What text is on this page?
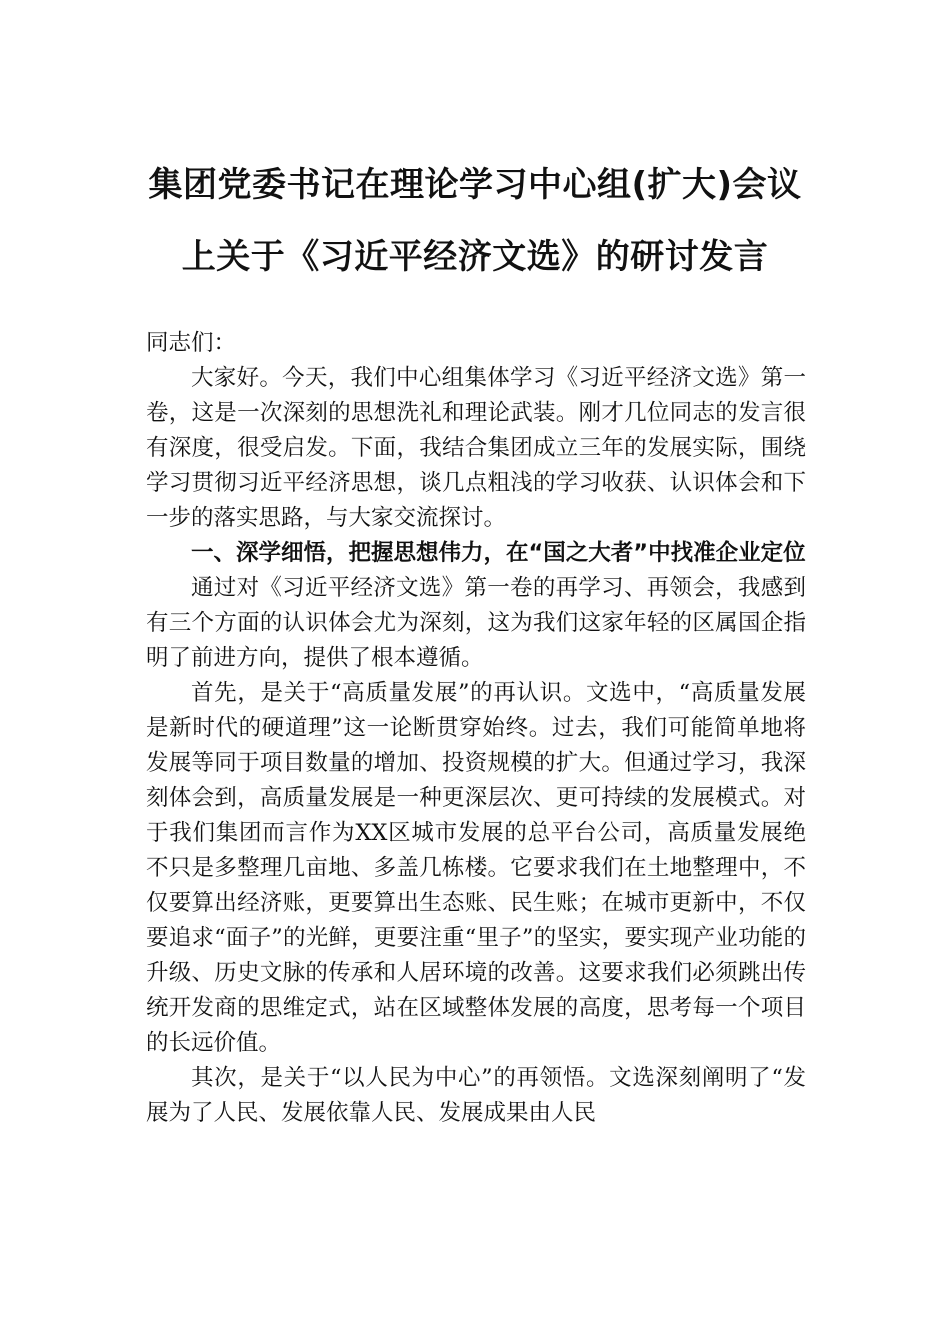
集团党委书记在理论学习中心组(扩大)会议
上关于《习近平经济文选》的研讨发言

同志们：

大家好。今天，我们中心组集体学习《习近平经济文选》第一卷，这是一次深刻的思想洗礼和理论武装。刚才几位同志的发言很有深度，很受启发。下面，我结合集团成立三年的发展实际，围绕学习贯彻习近平经济思想，谈几点粗浅的学习收获、认识体会和下一步的落实思路，与大家交流探讨。

一、深学细悟，把握思想伟力，在“国之大者”中找准企业定位

通过对《习近平经济文选》第一卷的再学习、再领会，我感到有三个方面的认识体会尤为深刻，这为我们这家年轻的区属国企指明了前进方向，提供了根本遵循。

首先，是关于“高质量发展”的再认识。文选中，“高质量发展是新时代的硬道理”这一论断贯穿始终。过去，我们可能简单地将发展等同于项目数量的增加、投资规模的扩大。但通过学习，我深刻体会到，高质量发展是一种更深层次、更可持续的发展模式。对于我们集团而言作为XX区城市发展的总平台公司，高质量发展绝不只是多整理几亩地、多盖几栋楼。它要求我们在土地整理中，不仅要算出经济账，更要算出生态账、民生账；在城市更新中，不仅要追求“面子”的光鲜，更要注重“里子”的坚实，要实现产业功能的升级、历史文脉的传承和人居环境的改善。这要求我们必须跳出传统开发商的思维定式，站在区域整体发展的高度，思考每一个项目的长远价值。

其次，是关于“以人民为中心”的再领悟。文选深刻阐明了“发展为了人民、发展依靠人民、发展成果由人民
